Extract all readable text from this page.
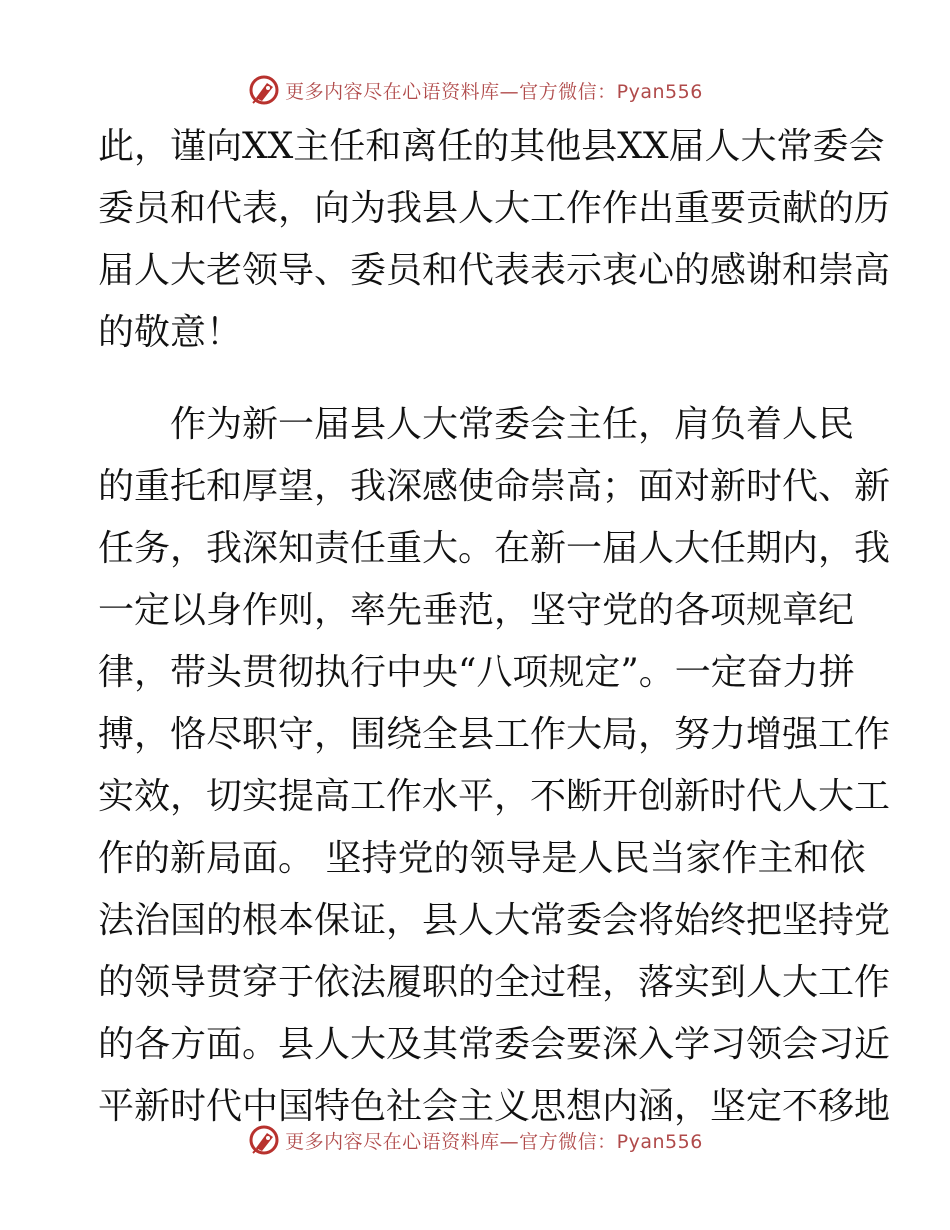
更多内容尽在心语资料库—官方微信：Pyan556
此，谨向XX主任和离任的其他县XX届人大常委会
委员和代表，向为我县人大工作作出重要贡献的历
届人大老领导、委员和代表表示衷心的感谢和崇高
的敬意！
　　作为新一届县人大常委会主任，肩负着人民
的重托和厚望，我深感使命崇高；面对新时代、新
任务，我深知责任重大。在新一届人大任期内，我
一定以身作则，率先垂范，坚守党的各项规章纪
律，带头贯彻执行中央“八项规定”。一定奋力拼
搏，恪尽职守，围绕全县工作大局，努力增强工作
实效，切实提高工作水平，不断开创新时代人大工
作的新局面。 坚持党的领导是人民当家作主和依
法治国的根本保证，县人大常委会将始终把坚持党
的领导贯穿于依法履职的全过程，落实到人大工作
的各方面。县人大及其常委会要深入学习领会习近
平新时代中国特色社会主义思想内涵，坚定不移地
更多内容尽在心语资料库—官方微信：Pyan556
